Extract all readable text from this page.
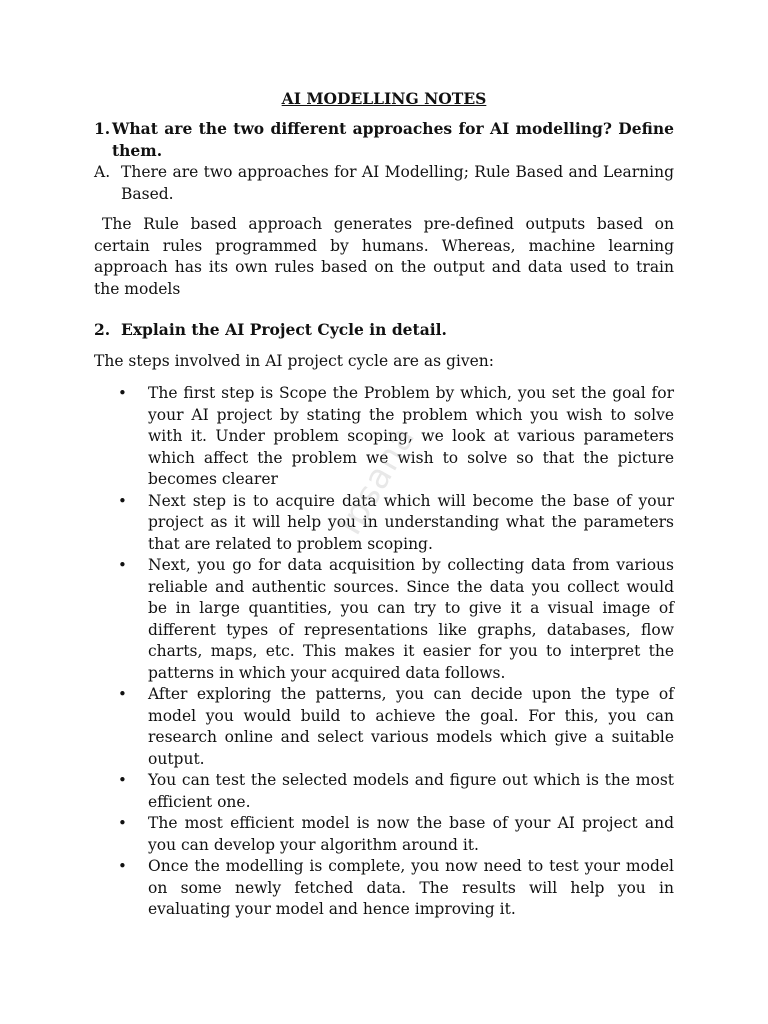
AI MODELLING NOTES
1. What are the two different approaches for AI modelling? Define them.
A. There are two approaches for AI Modelling; Rule Based and Learning Based.
The Rule based approach generates pre-defined outputs based on certain rules programmed by humans. Whereas, machine learning approach has its own rules based on the output and data used to train the models
2. Explain the AI Project Cycle in detail.
The steps involved in AI project cycle are as given:
•	The first step is Scope the Problem by which, you set the goal for your AI project by stating the problem which you wish to solve with it. Under problem scoping, we look at various parameters which affect the problem we wish to solve so that the picture becomes clearer
•	Next step is to acquire data which will become the base of your project as it will help you in understanding what the parameters that are related to problem scoping.
•	Next, you go for data acquisition by collecting data from various reliable and authentic sources. Since the data you collect would be in large quantities, you can try to give it a visual image of different types of representations like graphs, databases, flow charts, maps, etc. This makes it easier for you to interpret the patterns in which your acquired data follows.
•	After exploring the patterns, you can decide upon the type of model you would build to achieve the goal. For this, you can research online and select various models which give a suitable output.
•	You can test the selected models and figure out which is the most efficient one.
•	The most efficient model is now the base of your AI project and you can develop your algorithm around it.
•	Once the modelling is complete, you now need to test your model on some newly fetched data. The results will help you in evaluating your model and hence improving it.
Ipsana
